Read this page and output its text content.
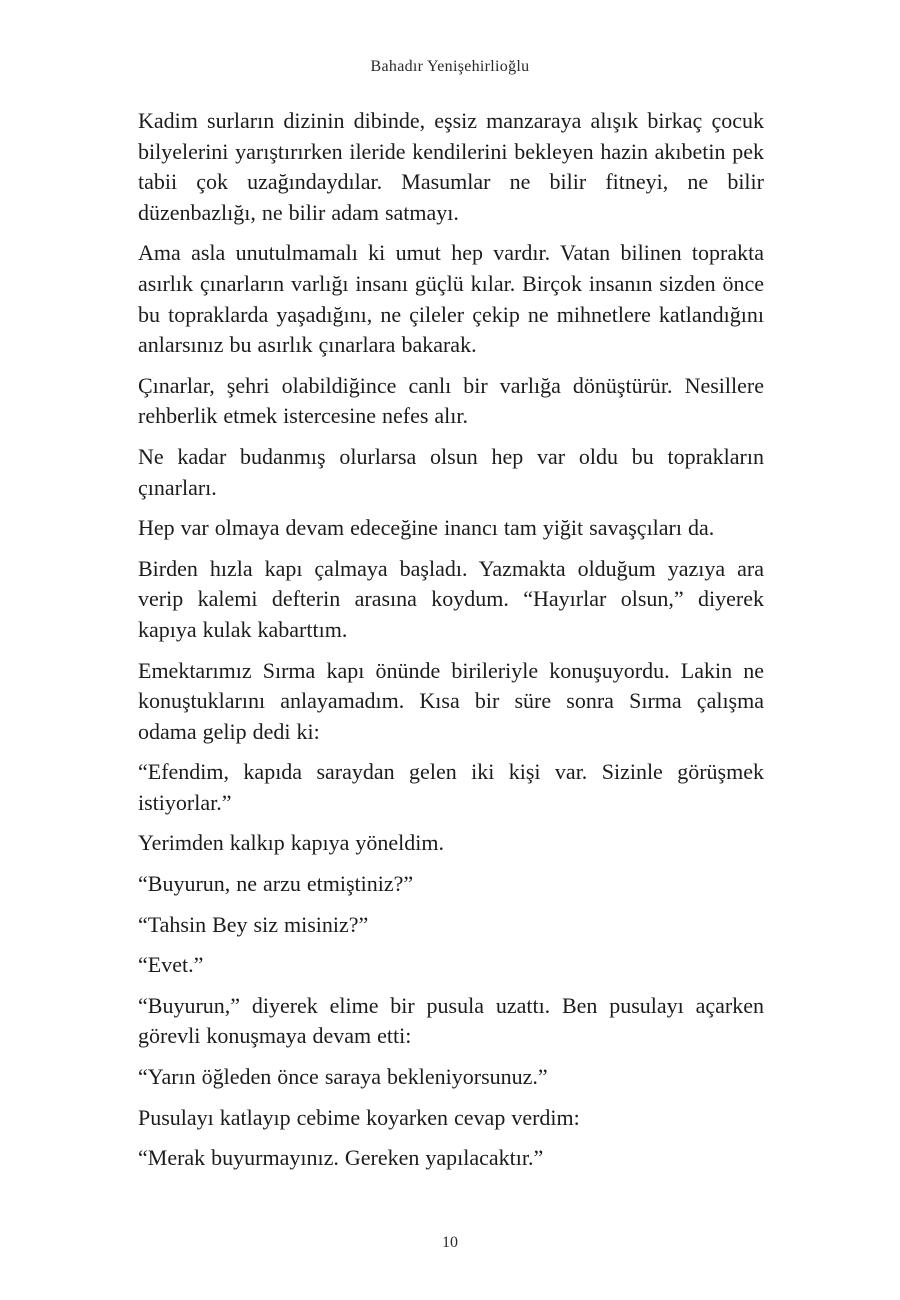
Bahadır Yenişehirlioğlu

Kadim surların dizinin dibinde, eşsiz manzaraya alışık birkaç çocuk bilyelerini yarıştırırken ileride kendilerini bekleyen hazin akıbetin pek tabii çok uzağındaydılar. Masumlar ne bilir fitneyi, ne bilir düzenbazlığı, ne bilir adam satmayı.

Ama asla unutulmamalı ki umut hep vardır. Vatan bilinen toprakta asırlık çınarların varlığı insanı güçlü kılar. Birçok insanın sizden önce bu topraklarda yaşadığını, ne çileler çekip ne mihnetlere katlandığını anlarsınız bu asırlık çınarlara bakarak.

Çınarlar, şehri olabildiğince canlı bir varlığa dönüştürür. Nesillere rehberlik etmek istercesine nefes alır.

Ne kadar budanmış olurlarsa olsun hep var oldu bu toprakların çınarları.

Hep var olmaya devam edeceğine inancı tam yiğit savaşçıları da.

Birden hızla kapı çalmaya başladı. Yazmakta olduğum yazıya ara verip kalemi defterin arasına koydum. “Hayırlar olsun,” diyerek kapıya kulak kabarttım.

Emektarımız Sırma kapı önünde birileriyle konuşuyordu. Lakin ne konuştuklarını anlayamadım. Kısa bir süre sonra Sırma çalışma odama gelip dedi ki:

“Efendim, kapıda saraydan gelen iki kişi var. Sizinle görüşmek istiyorlar.”

Yerimden kalkıp kapıya yöneldim.

“Buyurun, ne arzu etmiştiniz?”

“Tahsin Bey siz misiniz?”

“Evet.”

“Buyurun,” diyerek elime bir pusula uzattı. Ben pusulayı açarken görevli konuşmaya devam etti:

“Yarın öğleden önce saraya bekleniyorsunuz.”

Pusulayı katlayıp cebime koyarken cevap verdim:

“Merak buyurmayınız. Gereken yapılacaktır.”

10
